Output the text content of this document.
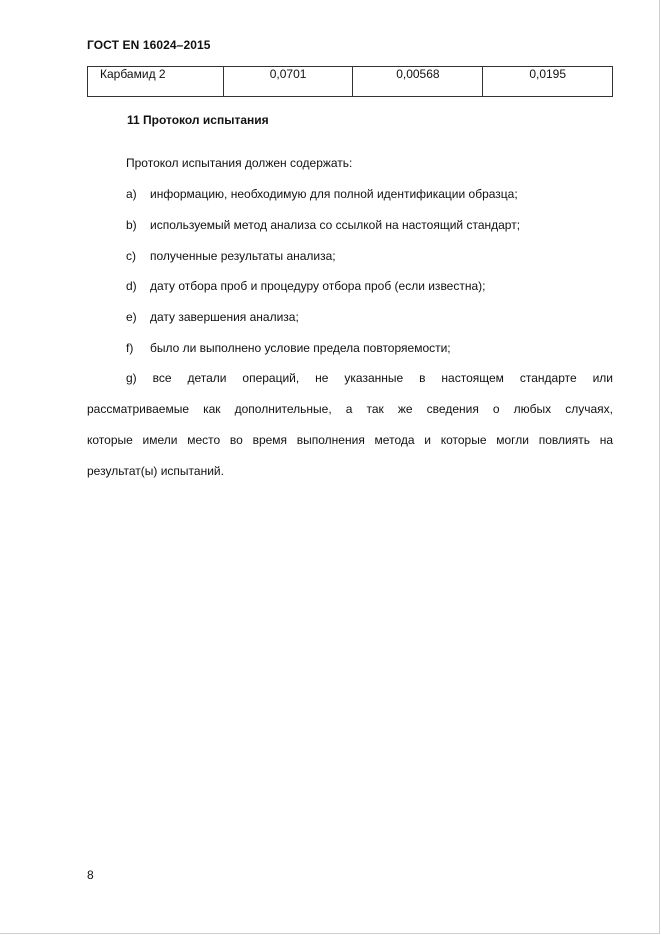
ГОСТ EN 16024–2015
Карбамид 2	0,0701	0,00568	0,0195
11 Протокол испытания
Протокол испытания должен содержать:
a) информацию, необходимую для полной идентификации образца;
b) используемый метод анализа со ссылкой на настоящий стандарт;
c) полученные результаты анализа;
d) дату отбора проб и процедуру отбора проб (если известна);
e) дату завершения анализа;
f) было ли выполнено условие предела повторяемости;
g) все детали операций, не указанные в настоящем стандарте или
рассматриваемые как дополнительные, а так же сведения о любых случаях,
которые имели место во время выполнения метода и которые могли повлиять на
результат(ы) испытаний.
8
